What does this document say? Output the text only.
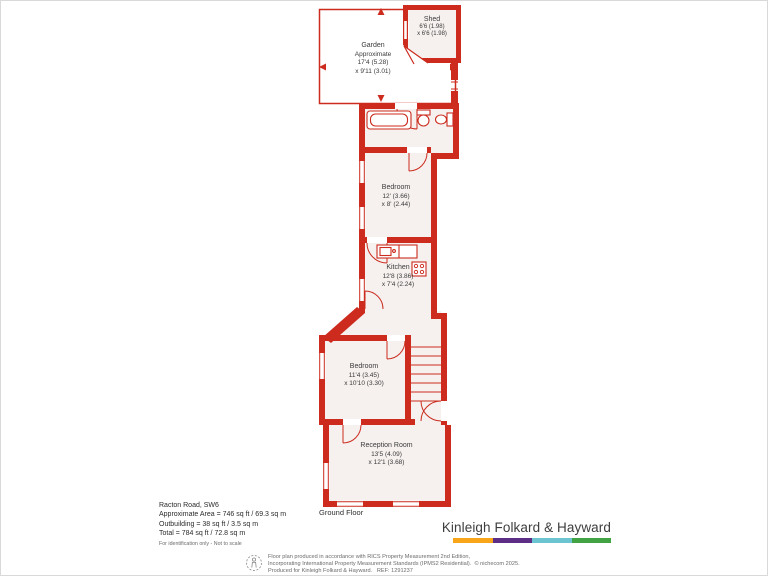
Garden
Approximate
17'4 (5.28)
x 9'11 (3.01)
Shed
6'6 (1.98)
x 6'6 (1.98)
Bedroom
12' (3.66)
x 8' (2.44)
Kitchen
12'8 (3.86)
x 7'4 (2.24)
Bedroom
11'4 (3.45)
x 10'10 (3.30)
Reception Room
13'5 (4.09)
x 12'1 (3.68)
Ground Floor
Racton Road, SW6
Approximate Area = 746 sq ft / 69.3 sq m
Outbuilding = 38 sq ft / 3.5 sq m
Total = 784 sq ft / 72.8 sq m
For identification only - Not to scale
Kinleigh Folkard & Hayward
Floor plan produced in accordance with RICS Property Measurement 2nd Edition,
Incorporating International Property Measurement Standards (IPMS2 Residential).  © nichecom 2025.
Produced for Kinleigh Folkard & Hayward.   REF: 1291237
